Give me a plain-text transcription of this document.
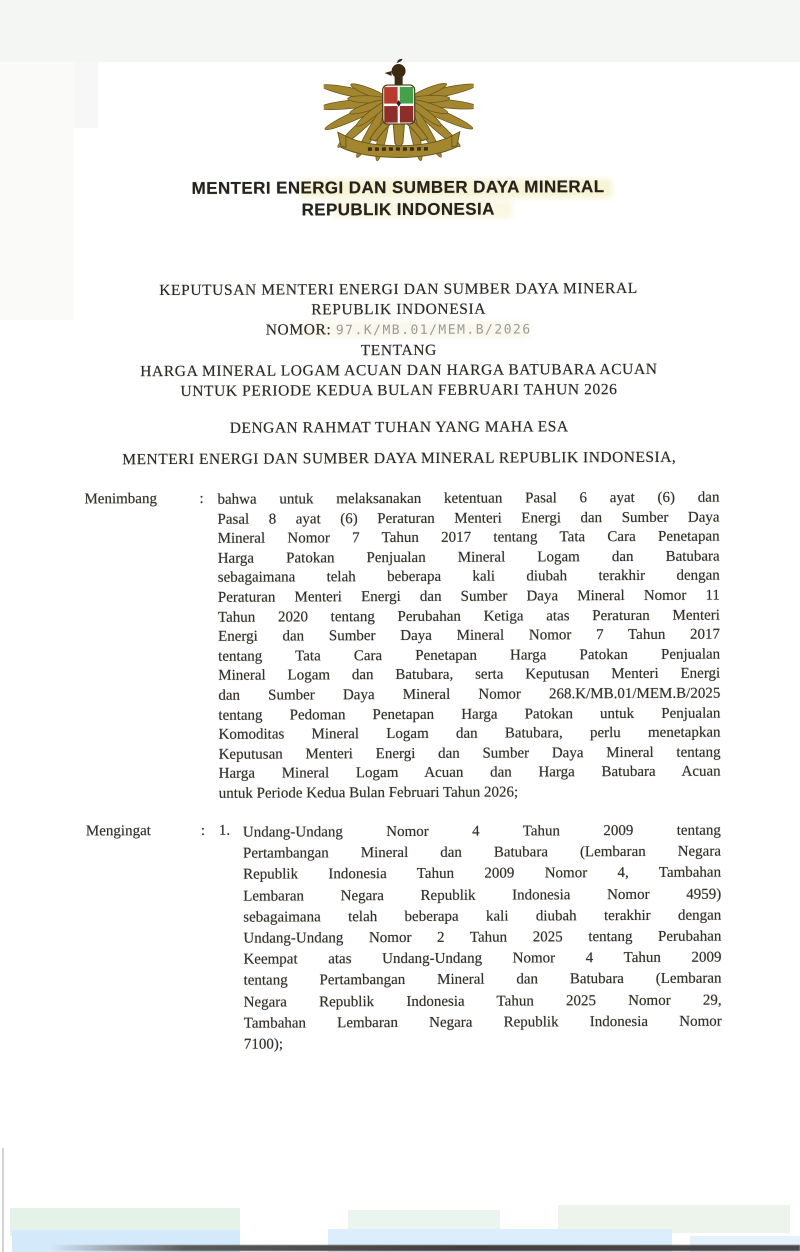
MENTERI ENERGI DAN SUMBER DAYA MINERAL
REPUBLIK INDONESIA
KEPUTUSAN MENTERI ENERGI DAN SUMBER DAYA MINERAL
REPUBLIK INDONESIA
NOMOR: 97.K/MB.01/MEM.B/2026
TENTANG
HARGA MINERAL LOGAM ACUAN DAN HARGA BATUBARA ACUAN
UNTUK PERIODE KEDUA BULAN FEBRUARI TAHUN 2026
DENGAN RAHMAT TUHAN YANG MAHA ESA
MENTERI ENERGI DAN SUMBER DAYA MINERAL REPUBLIK INDONESIA,
Menimbang	: bahwa untuk melaksanakan ketentuan Pasal 6 ayat (6) dan
Pasal 8 ayat (6) Peraturan Menteri Energi dan Sumber Daya
Mineral Nomor 7 Tahun 2017 tentang Tata Cara Penetapan
Harga Patokan Penjualan Mineral Logam dan Batubara
sebagaimana telah beberapa kali diubah terakhir dengan
Peraturan Menteri Energi dan Sumber Daya Mineral Nomor 11
Tahun 2020 tentang Perubahan Ketiga atas Peraturan Menteri
Energi dan Sumber Daya Mineral Nomor 7 Tahun 2017
tentang Tata Cara Penetapan Harga Patokan Penjualan
Mineral Logam dan Batubara, serta Keputusan Menteri Energi
dan Sumber Daya Mineral Nomor 268.K/MB.01/MEM.B/2025
tentang Pedoman Penetapan Harga Patokan untuk Penjualan
Komoditas Mineral Logam dan Batubara, perlu menetapkan
Keputusan Menteri Energi dan Sumber Daya Mineral tentang
Harga Mineral Logam Acuan dan Harga Batubara Acuan
untuk Periode Kedua Bulan Februari Tahun 2026;
Mengingat	: 1. Undang-Undang Nomor 4 Tahun 2009 tentang
Pertambangan Mineral dan Batubara (Lembaran Negara
Republik Indonesia Tahun 2009 Nomor 4, Tambahan
Lembaran Negara Republik Indonesia Nomor 4959)
sebagaimana telah beberapa kali diubah terakhir dengan
Undang-Undang Nomor 2 Tahun 2025 tentang Perubahan
Keempat atas Undang-Undang Nomor 4 Tahun 2009
tentang Pertambangan Mineral dan Batubara (Lembaran
Negara Republik Indonesia Tahun 2025 Nomor 29,
Tambahan Lembaran Negara Republik Indonesia Nomor
7100);
